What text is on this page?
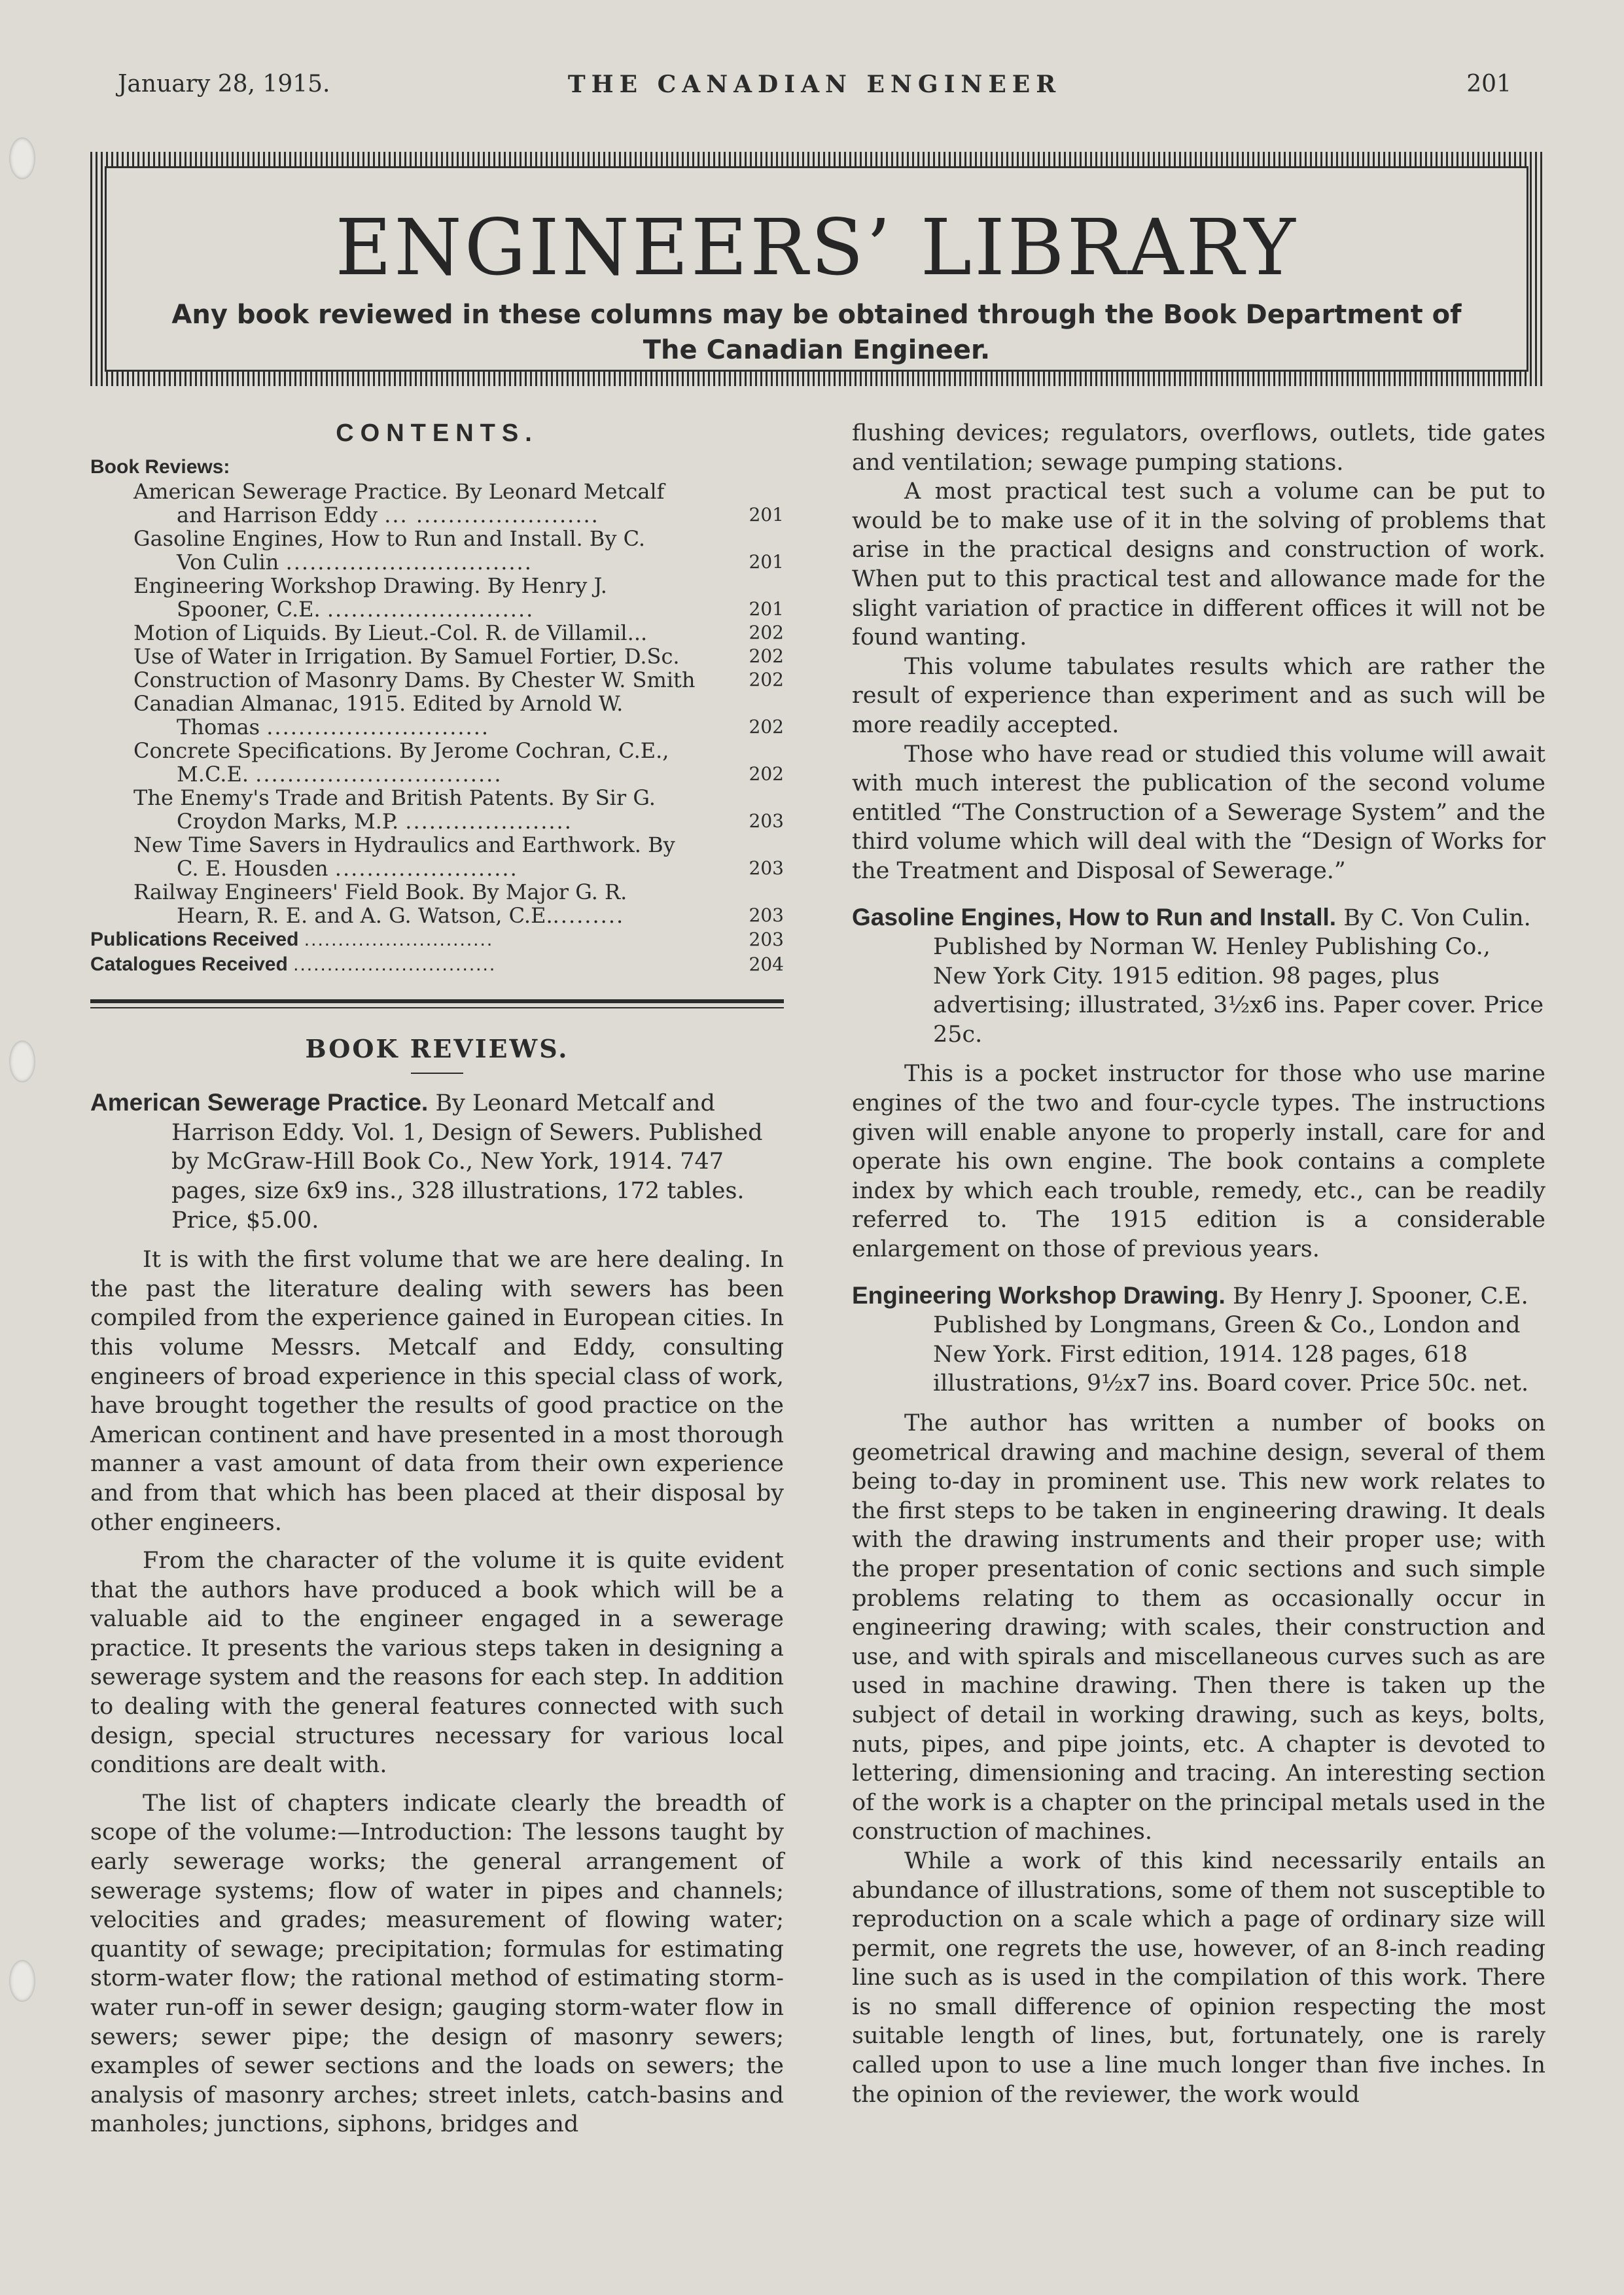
January 28, 1915.	THE CANADIAN ENGINEER	201
ENGINEERS’ LIBRARY
Any book reviewed in these columns may be obtained through the Book Department of
The Canadian Engineer.
CONTENTS.
Book Reviews:
American Sewerage Practice. By Leonard Metcalf
and Harrison Eddy ... .......................	201
Gasoline Engines, How to Run and Install. By C.
Von Culin ...............................	201
Engineering Workshop Drawing. By Henry J.
Spooner, C.E. ..........................	201
Motion of Liquids. By Lieut.-Col. R. de Villamil...	202
Use of Water in Irrigation. By Samuel Fortier, D.Sc.	202
Construction of Masonry Dams. By Chester W. Smith	202
Canadian Almanac, 1915. Edited by Arnold W.
Thomas ............................	202
Concrete Specifications. By Jerome Cochran, C.E.,
M.C.E. ...............................	202
The Enemy's Trade and British Patents. By Sir G.
Croydon Marks, M.P. .....................	203
New Time Savers in Hydraulics and Earthwork. By
C. E. Housden .......................	203
Railway Engineers' Field Book. By Major G. R.
Hearn, R. E. and A. G. Watson, C.E..........	203
Publications Received ............................	203
Catalogues Received ..............................	204
BOOK REVIEWS.
American Sewerage Practice. By Leonard Metcalf and Harrison Eddy. Vol. 1, Design of Sewers. Published by McGraw-Hill Book Co., New York, 1914. 747 pages, size 6x9 ins., 328 illustrations, 172 tables. Price, $5.00.

It is with the first volume that we are here dealing. In the past the literature dealing with sewers has been compiled from the experience gained in European cities. In this volume Messrs. Metcalf and Eddy, consulting engineers of broad experience in this special class of work, have brought together the results of good practice on the American continent and have presented in a most thorough manner a vast amount of data from their own experience and from that which has been placed at their disposal by other engineers.

From the character of the volume it is quite evident that the authors have produced a book which will be a valuable aid to the engineer engaged in a sewerage practice. It presents the various steps taken in designing a sewerage system and the reasons for each step. In addition to dealing with the general features connected with such design, special structures necessary for various local conditions are dealt with.

The list of chapters indicate clearly the breadth of scope of the volume:—Introduction: The lessons taught by early sewerage works; the general arrangement of sewerage systems; flow of water in pipes and channels; velocities and grades; measurement of flowing water; quantity of sewage; precipitation; formulas for estimating storm-water flow; the rational method of estimating storm-water run-off in sewer design; gauging storm-water flow in sewers; sewer pipe; the design of masonry sewers; examples of sewer sections and the loads on sewers; the analysis of masonry arches; street inlets, catch-basins and manholes; junctions, siphons, bridges and

flushing devices; regulators, overflows, outlets, tide gates and ventilation; sewage pumping stations.

A most practical test such a volume can be put to would be to make use of it in the solving of problems that arise in the practical designs and construction of work. When put to this practical test and allowance made for the slight variation of practice in different offices it will not be found wanting.

This volume tabulates results which are rather the result of experience than experiment and as such will be more readily accepted.

Those who have read or studied this volume will await with much interest the publication of the second volume entitled “The Construction of a Sewerage System” and the third volume which will deal with the “Design of Works for the Treatment and Disposal of Sewerage.”

Gasoline Engines, How to Run and Install. By C. Von Culin. Published by Norman W. Henley Publishing Co., New York City. 1915 edition. 98 pages, plus advertising; illustrated, 3½x6 ins. Paper cover. Price 25c.

This is a pocket instructor for those who use marine engines of the two and four-cycle types. The instructions given will enable anyone to properly install, care for and operate his own engine. The book contains a complete index by which each trouble, remedy, etc., can be readily referred to. The 1915 edition is a considerable enlargement on those of previous years.

Engineering Workshop Drawing. By Henry J. Spooner, C.E. Published by Longmans, Green & Co., London and New York. First edition, 1914. 128 pages, 618 illustrations, 9½x7 ins. Board cover. Price 50c. net.

The author has written a number of books on geometrical drawing and machine design, several of them being to-day in prominent use. This new work relates to the first steps to be taken in engineering drawing. It deals with the drawing instruments and their proper use; with the proper presentation of conic sections and such simple problems relating to them as occasionally occur in engineering drawing; with scales, their construction and use, and with spirals and miscellaneous curves such as are used in machine drawing. Then there is taken up the subject of detail in working drawing, such as keys, bolts, nuts, pipes, and pipe joints, etc. A chapter is devoted to lettering, dimensioning and tracing. An interesting section of the work is a chapter on the principal metals used in the construction of machines.

While a work of this kind necessarily entails an abundance of illustrations, some of them not susceptible to reproduction on a scale which a page of ordinary size will permit, one regrets the use, however, of an 8-inch reading line such as is used in the compilation of this work. There is no small difference of opinion respecting the most suitable length of lines, but, fortunately, one is rarely called upon to use a line much longer than five inches. In the opinion of the reviewer, the work would
